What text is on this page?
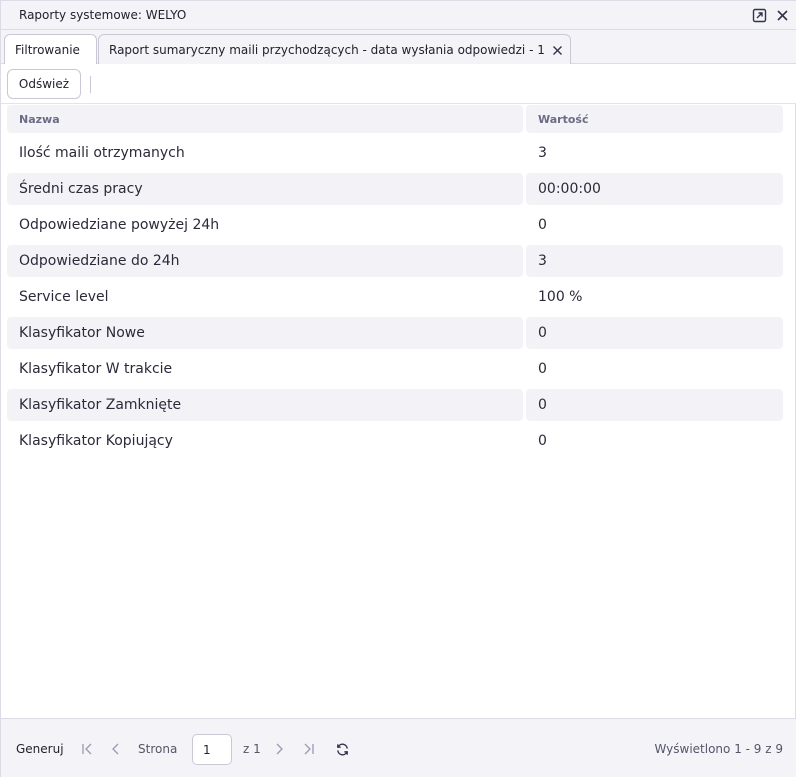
Raporty systemowe: WELYO
Filtrowanie Raport sumaryczny maili przychodzących - data wysłania odpowiedzi - 1
Odśwież
Nazwa	Wartość
Ilość maili otrzymanych	3
Średni czas pracy	00:00:00
Odpowiedziane powyżej 24h	0
Odpowiedziane do 24h	3
Service level	100 %
Klasyfikator Nowe	0
Klasyfikator W trakcie	0
Klasyfikator Zamknięte	0
Klasyfikator Kopiujący	0
Generuj	Strona
1	z 1	Wyświetlono 1 - 9 z 9
